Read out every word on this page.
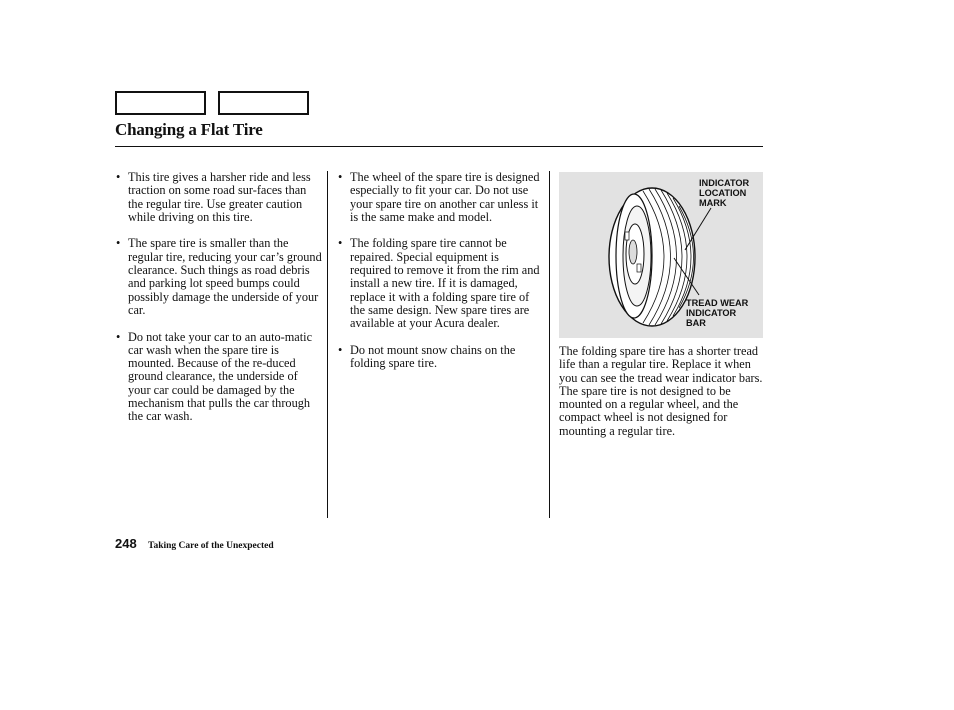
Changing a Flat Tire
• This tire gives a harsher ride and less traction on some road sur-faces than the regular tire. Use greater caution while driving on this tire.
• The spare tire is smaller than the regular tire, reducing your car’s ground clearance. Such things as road debris and parking lot speed bumps could possibly damage the underside of your car.
• Do not take your car to an auto-matic car wash when the spare tire is mounted. Because of the re-duced ground clearance, the underside of your car could be damaged by the mechanism that pulls the car through the car wash.
• The wheel of the spare tire is designed especially to fit your car. Do not use your spare tire on another car unless it is the same make and model.
• The folding spare tire cannot be repaired. Special equipment is required to remove it from the rim and install a new tire. If it is damaged, replace it with a folding spare tire of the same design. New spare tires are available at your Acura dealer.
• Do not mount snow chains on the folding spare tire.
INDICATOR
LOCATION
MARK
TREAD WEAR
INDICATOR
BAR

The folding spare tire has a shorter tread life than a regular tire. Replace it when you can see the tread wear indicator bars. The spare tire is not designed to be mounted on a regular wheel, and the compact wheel is not designed for mounting a regular tire.

248 Taking Care of the Unexpected
